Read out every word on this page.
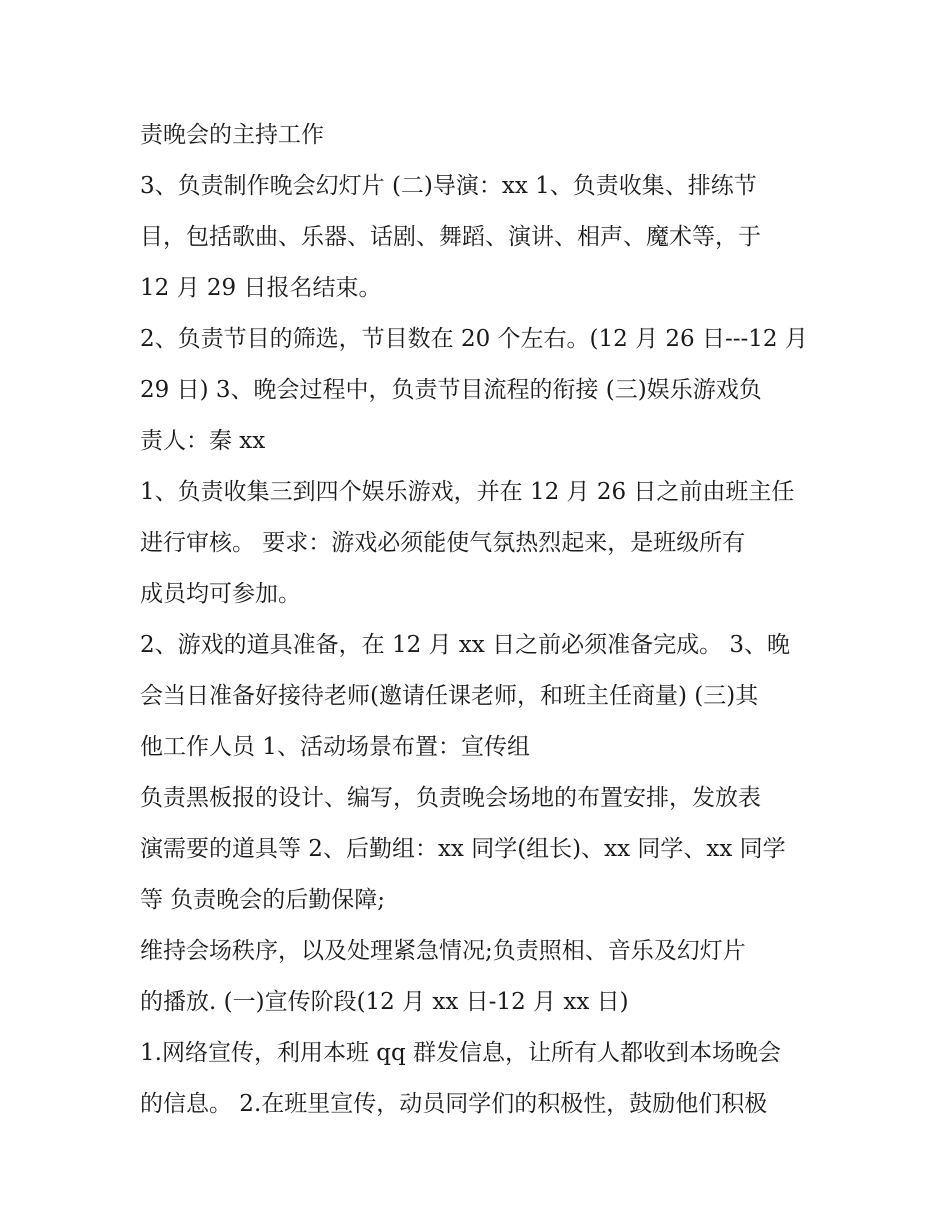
责晚会的主持工作
3、负责制作晚会幻灯片 (二)导演：xx 1、负责收集、排练节
目，包括歌曲、乐器、话剧、舞蹈、演讲、相声、魔术等，于
12 月 29 日报名结束。
2、负责节目的筛选，节目数在 20 个左右。(12 月 26 日---12 月
29 日) 3、晚会过程中，负责节目流程的衔接 (三)娱乐游戏负
责人：秦 xx
1、负责收集三到四个娱乐游戏，并在 12 月 26 日之前由班主任
进行审核。 要求：游戏必须能使气氛热烈起来，是班级所有
成员均可参加。
2、游戏的道具准备，在 12 月 xx 日之前必须准备完成。 3、晚
会当日准备好接待老师(邀请任课老师，和班主任商量) (三)其
他工作人员 1、活动场景布置：宣传组
负责黑板报的设计、编写，负责晚会场地的布置安排，发放表
演需要的道具等 2、后勤组：xx 同学(组长)、xx 同学、xx 同学
等 负责晚会的后勤保障;
维持会场秩序，以及处理紧急情况;负责照相、音乐及幻灯片
的播放. (一)宣传阶段(12 月 xx 日-12 月 xx 日)
1.网络宣传，利用本班 qq 群发信息，让所有人都收到本场晚会
的信息。 2.在班里宣传，动员同学们的积极性，鼓励他们积极
